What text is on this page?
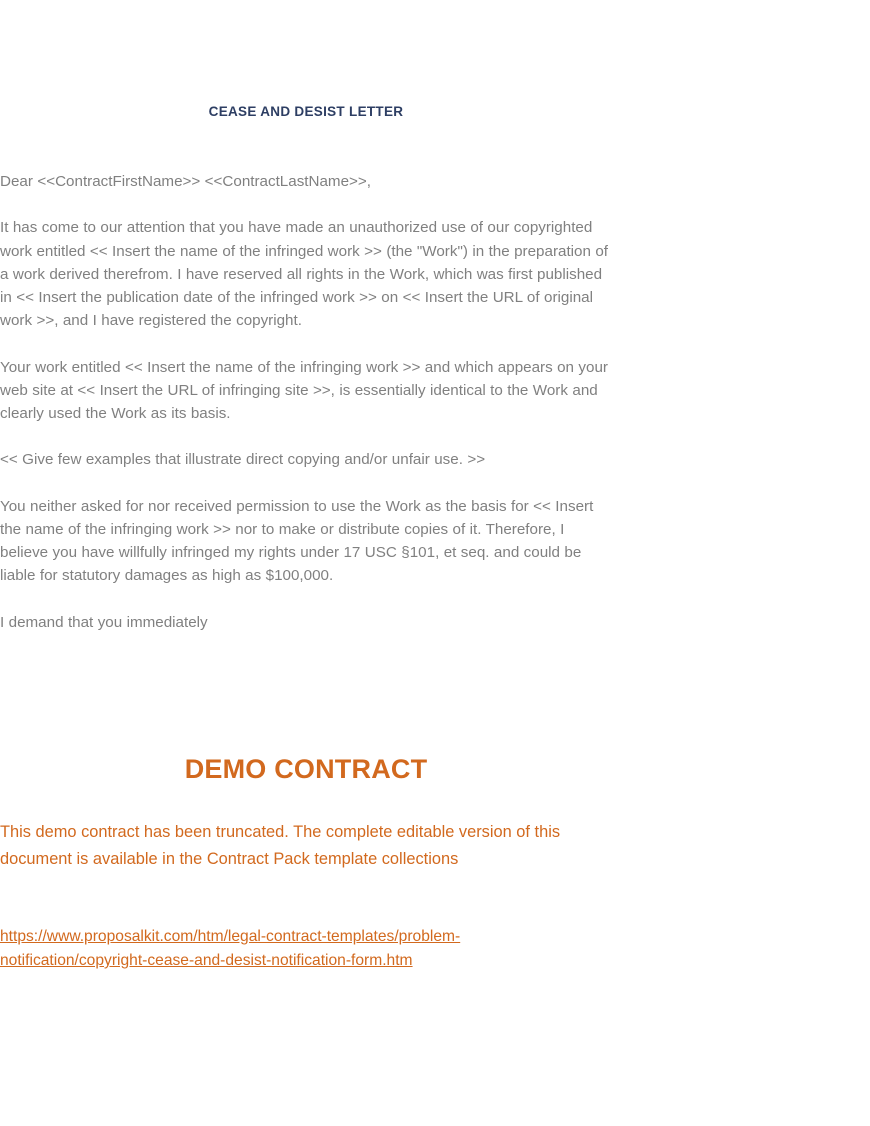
CEASE AND DESIST LETTER

Dear <<ContractFirstName>> <<ContractLastName>>,

It has come to our attention that you have made an unauthorized use of our copyrighted work entitled << Insert the name of the infringed work >> (the "Work") in the preparation of a work derived therefrom. I have reserved all rights in the Work, which was first published in << Insert the publication date of the infringed work >> on << Insert the URL of original work >>, and I have registered the copyright.

Your work entitled << Insert the name of the infringing work >> and which appears on your web site at << Insert the URL of infringing site >>, is essentially identical to the Work and clearly used the Work as its basis.

<< Give few examples that illustrate direct copying and/or unfair use. >>

You neither asked for nor received permission to use the Work as the basis for << Insert the name of the infringing work >> nor to make or distribute copies of it. Therefore, I believe you have willfully infringed my rights under 17 USC §101, et seq. and could be liable for statutory damages as high as $100,000.

I demand that you immediately

DEMO CONTRACT

This demo contract has been truncated. The complete editable version of this document is available in the Contract Pack template collections

https://www.proposalkit.com/htm/legal-contract-templates/problem-notification/copyright-cease-and-desist-notification-form.htm
